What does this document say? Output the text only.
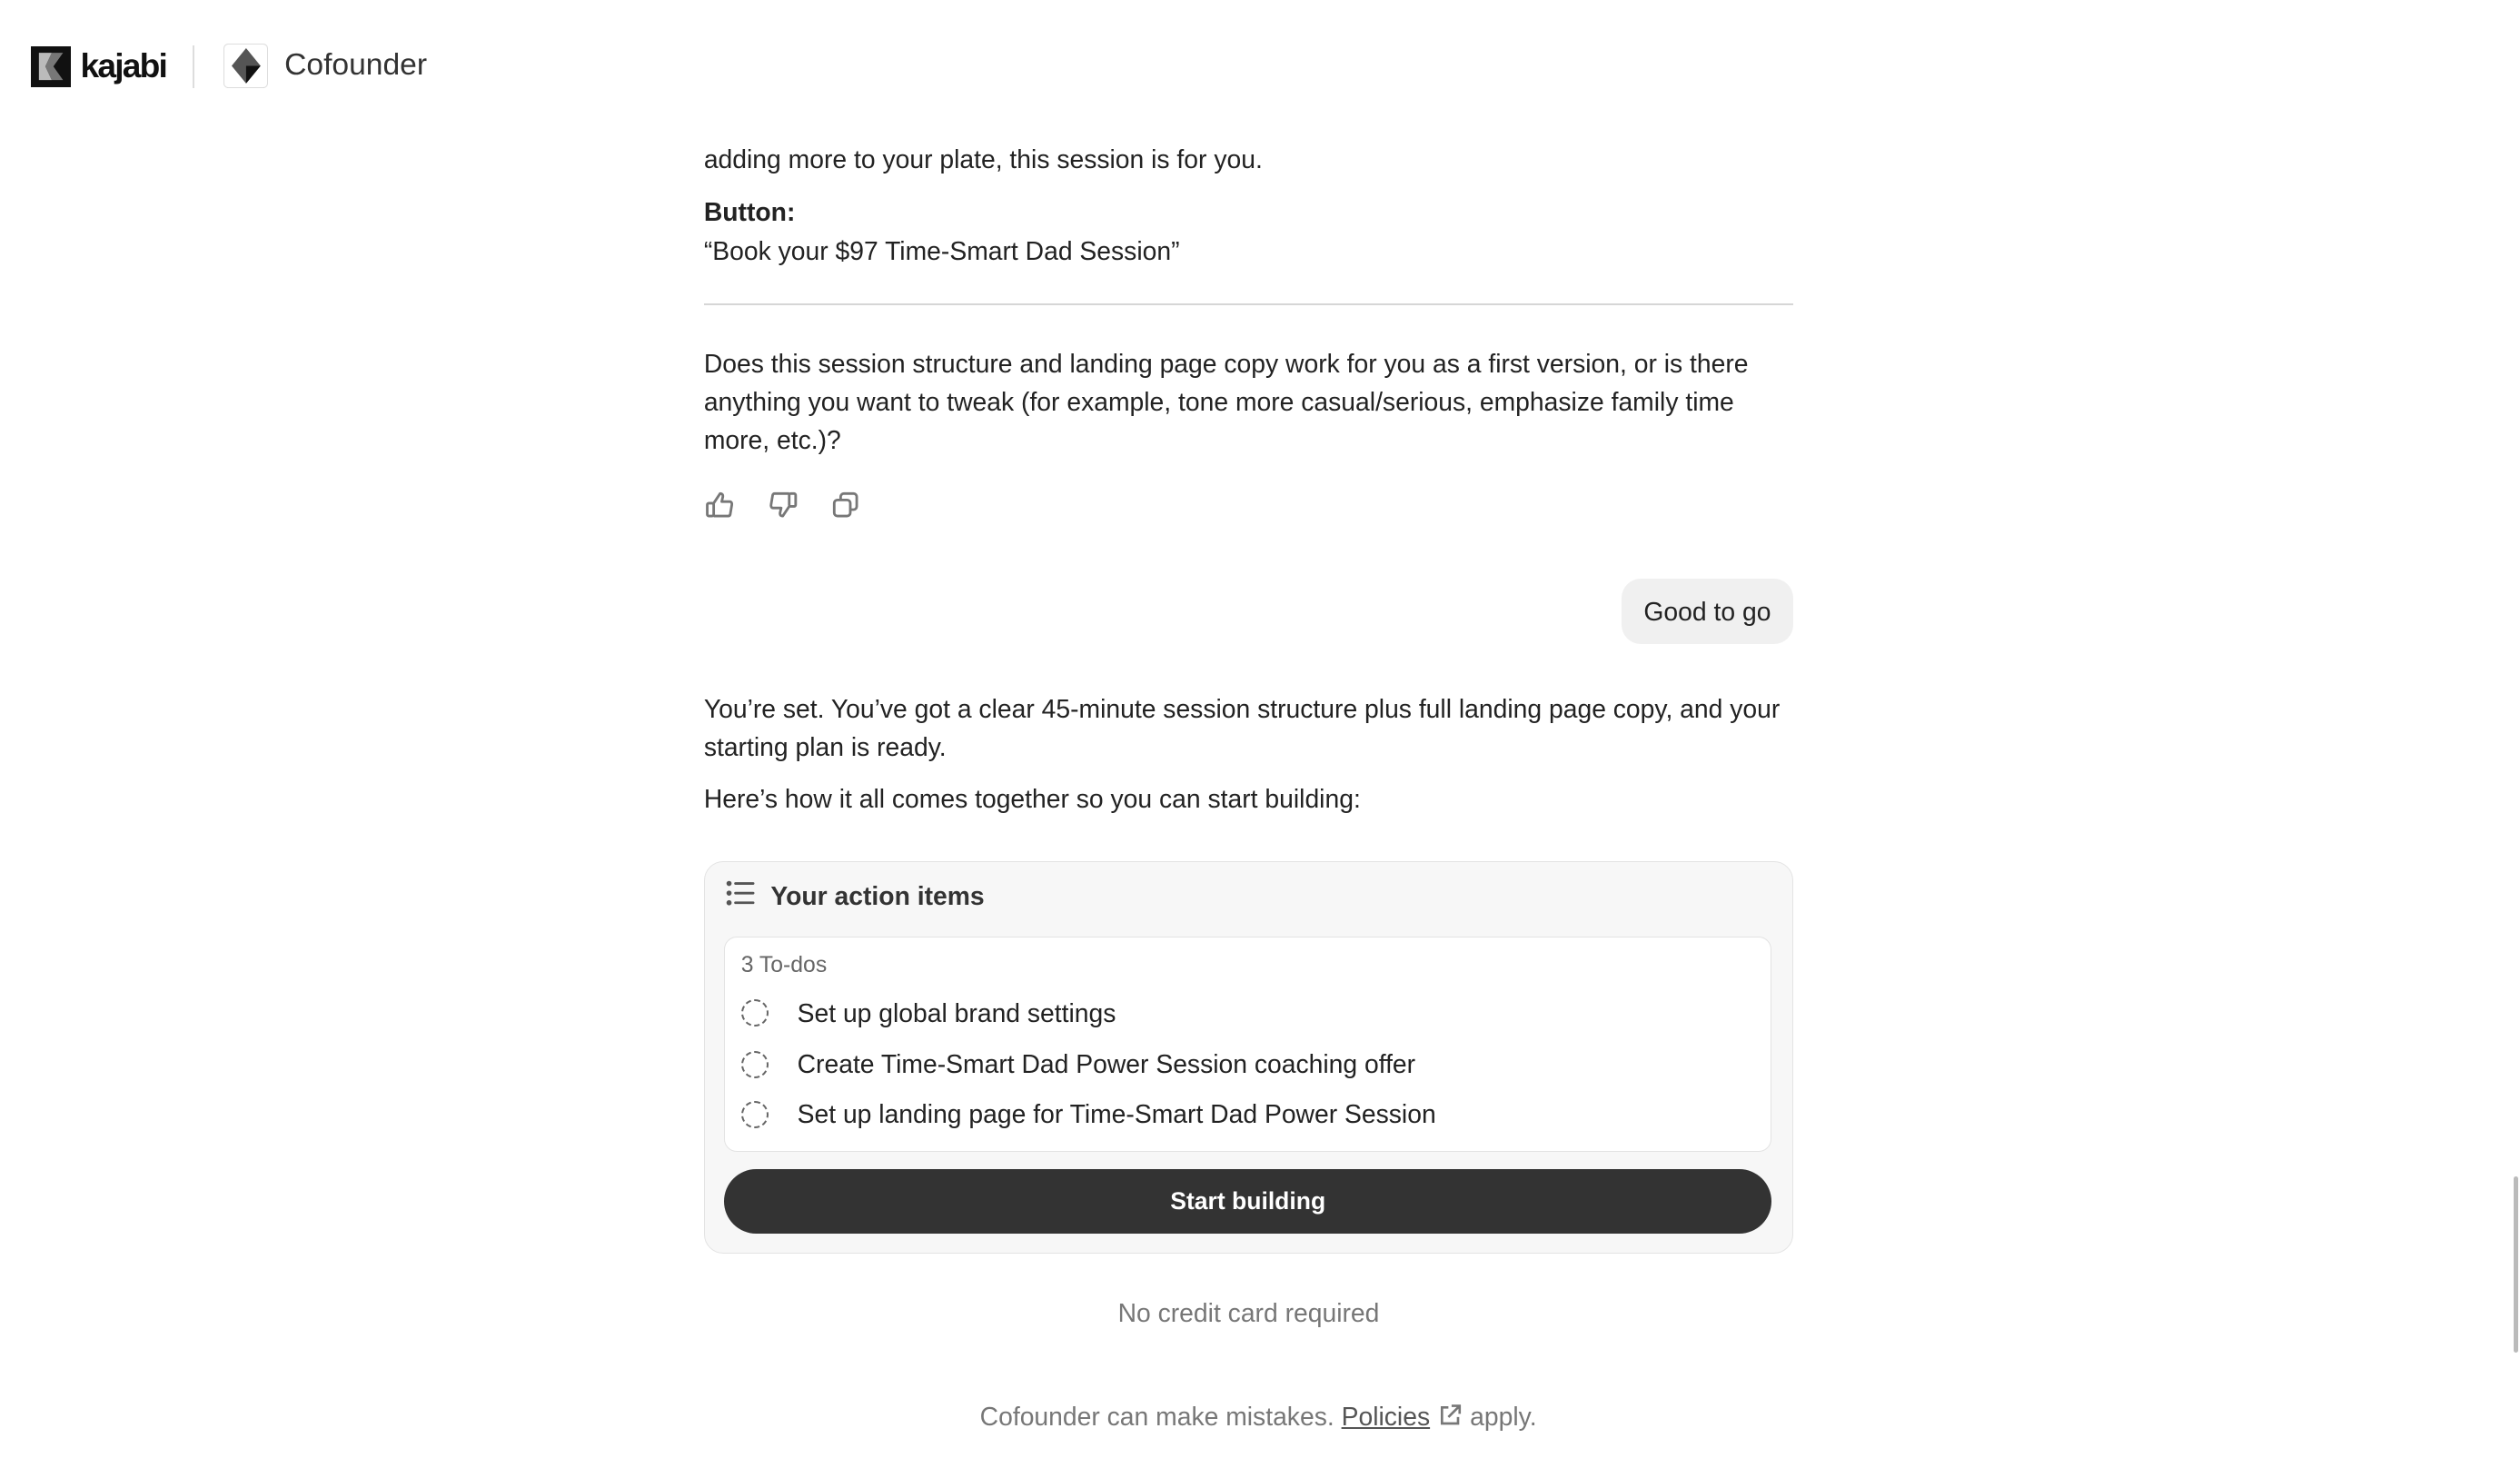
kajabi	Cofounder
adding more to your plate, this session is for you.
Button:
“Book your $97 Time-Smart Dad Session”
Does this session structure and landing page copy work for you as a first version, or is there anything you want to tweak (for example, tone more casual/serious, emphasize family time more, etc.)?
Good to go
You’re set. You’ve got a clear 45-minute session structure plus full landing page copy, and your starting plan is ready.
Here’s how it all comes together so you can start building:
Your action items
3 To-dos
Set up global brand settings
Create Time-Smart Dad Power Session coaching offer
Set up landing page for Time-Smart Dad Power Session
Start building
No credit card required
Cofounder can make mistakes. Policies	apply.
